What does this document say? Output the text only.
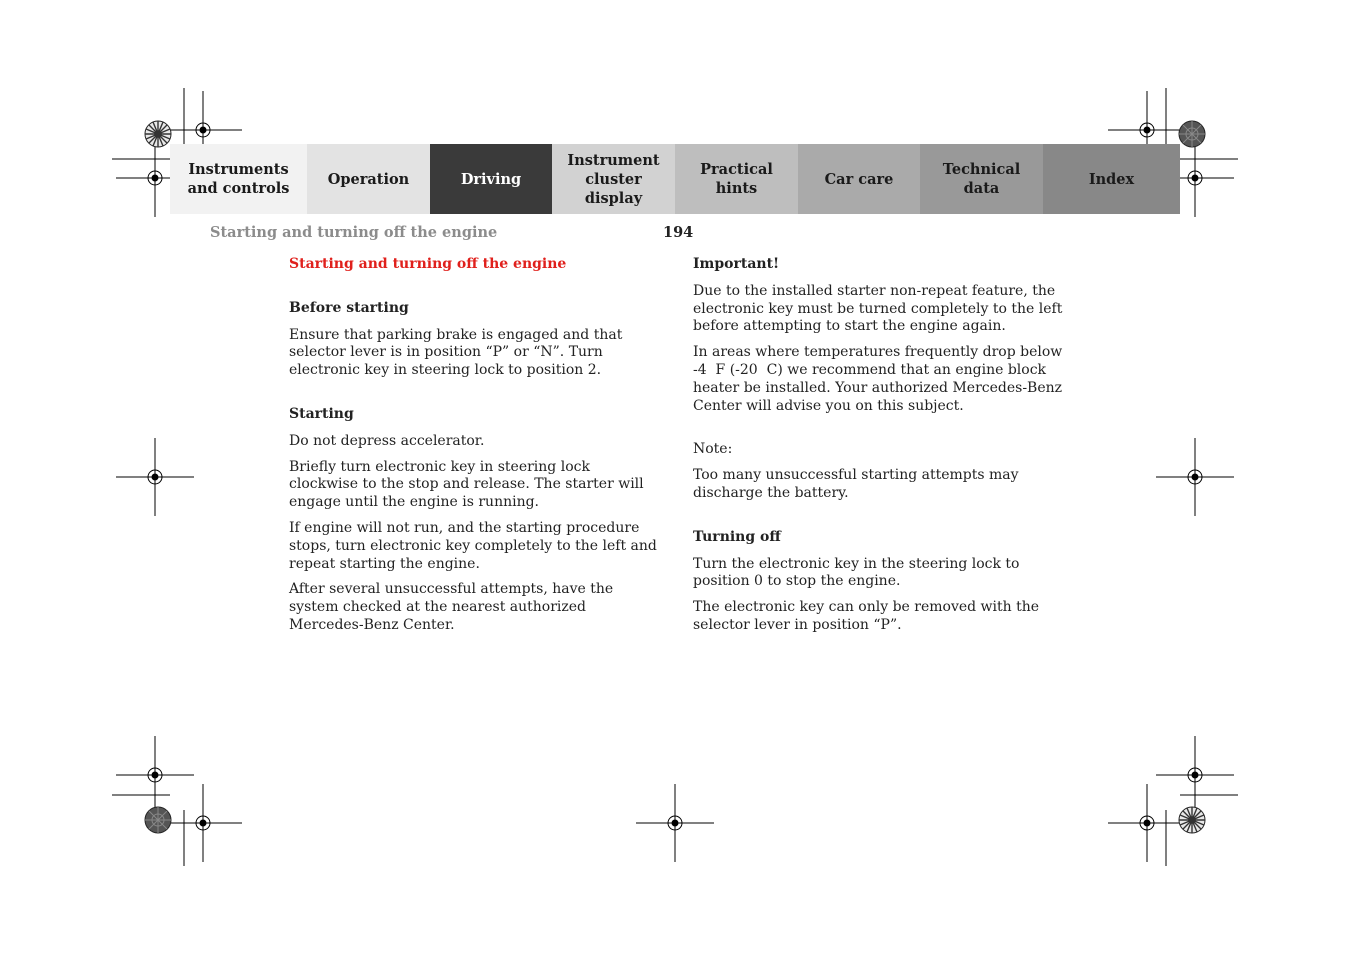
Instruments
and controls
Operation	Driving
Instrument
cluster display
Practical hints
Car care
Technical
data
Index
Starting and turning off the engine	194

Starting and turning off the engine

Before starting

Ensure that parking brake is engaged and that selector lever is in position “P” or “N”. Turn electronic key in steering lock to position 2.

Starting

Do not depress accelerator.

Briefly turn electronic key in steering lock clockwise to the stop and release. The starter will engage until the engine is running.

If engine will not run, and the starting procedure stops, turn electronic key completely to the left and repeat starting the engine.

After several unsuccessful attempts, have the system checked at the nearest authorized Mercedes-Benz Center.

Important!

Due to the installed starter non-repeat feature, the electronic key must be turned completely to the left before attempting to start the engine again.

In areas where temperatures frequently drop below -4  F (-20  C) we recommend that an engine block heater be installed. Your authorized Mercedes-Benz Center will advise you on this subject.

Note:

Too many unsuccessful starting attempts may discharge the battery.

Turning off

Turn the electronic key in the steering lock to position 0 to stop the engine.

The electronic key can only be removed with the selector lever in position “P”.
